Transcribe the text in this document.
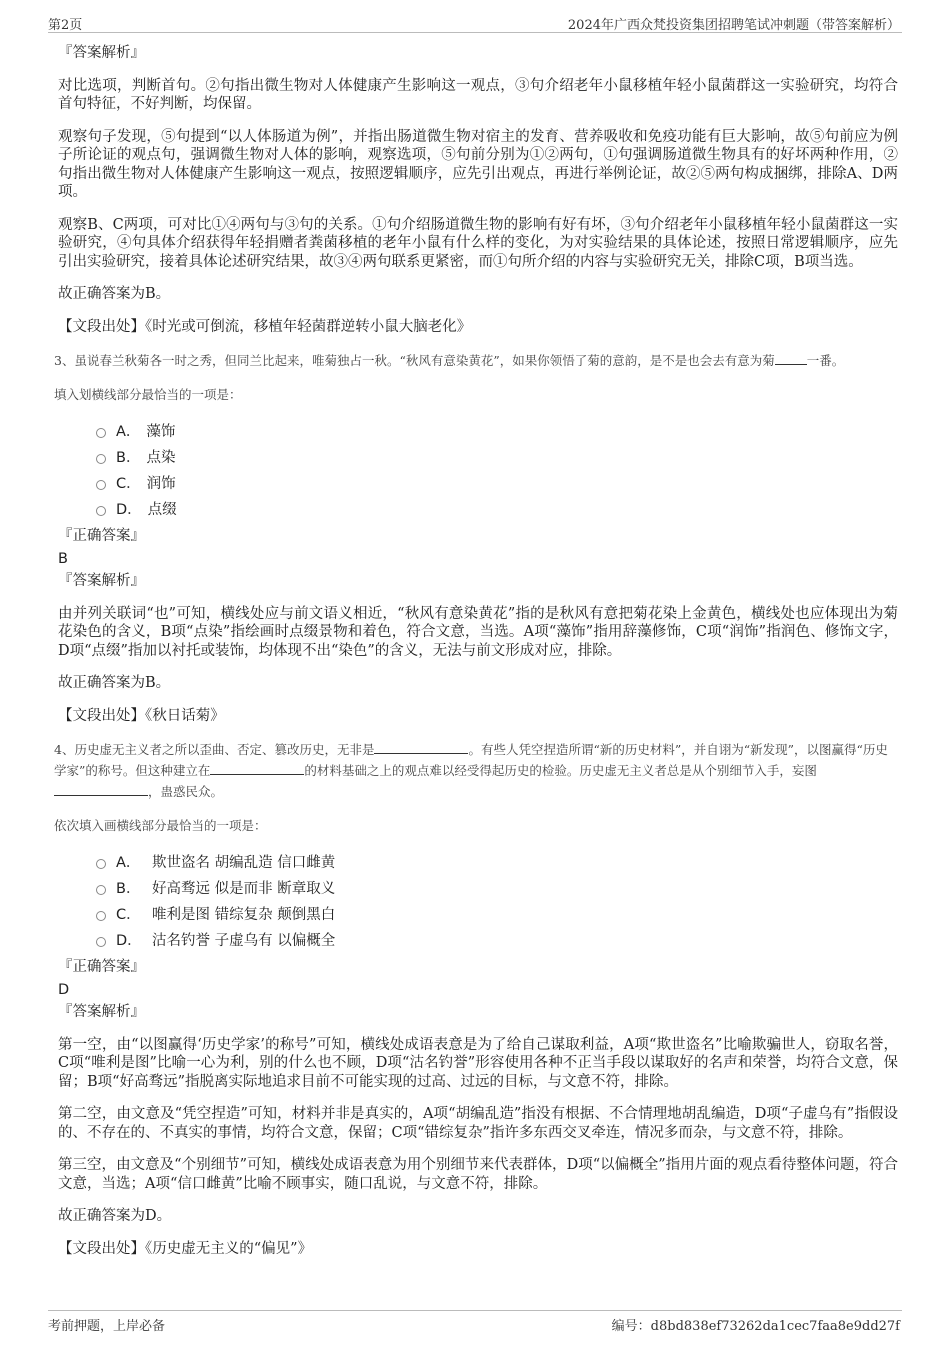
第2页	2024年广西众梵投资集团招聘笔试冲刺题（带答案解析）
『答案解析』

对比选项，判断首句。②句指出微生物对人体健康产生影响这一观点，③句介绍老年小鼠移植年轻小鼠菌群这一实验研究，均符合首句特征，不好判断，均保留。

观察句子发现，⑤句提到“以人体肠道为例”，并指出肠道微生物对宿主的发育、营养吸收和免疫功能有巨大影响，故⑤句前应为例子所论证的观点句，强调微生物对人体的影响，观察选项，⑤句前分别为①②两句，①句强调肠道微生物具有的好坏两种作用，②句指出微生物对人体健康产生影响这一观点，按照逻辑顺序，应先引出观点，再进行举例论证，故②⑤两句构成捆绑，排除A、D两项。

观察B、C两项，可对比①④两句与③句的关系。①句介绍肠道微生物的影响有好有坏，③句介绍老年小鼠移植年轻小鼠菌群这一实验研究，④句具体介绍获得年轻捐赠者粪菌移植的老年小鼠有什么样的变化，为对实验结果的具体论述，按照日常逻辑顺序，应先引出实验研究，接着具体论述研究结果，故③④两句联系更紧密，而①句所介绍的内容与实验研究无关，排除C项，B项当选。

故正确答案为B。

【文段出处】《时光或可倒流，移植年轻菌群逆转小鼠大脑老化》

3、虽说春兰秋菊各一时之秀，但同兰比起来，唯菊独占一秋。“秋风有意染黄花”，如果你领悟了菊的意韵，是不是也会去有意为菊	一番。
填入划横线部分最恰当的一项是：
A． 藻饰
B． 点染
C． 润饰
D． 点缀
『正确答案』
B
『答案解析』

由并列关联词“也”可知，横线处应与前文语义相近，“秋风有意染黄花”指的是秋风有意把菊花染上金黄色，横线处也应体现出为菊花染色的含义，B项“点染”指绘画时点缀景物和着色，符合文意，当选。A项“藻饰”指用辞藻修饰，C项“润饰”指润色、修饰文字，D项“点缀”指加以衬托或装饰，均体现不出“染色”的含义，无法与前文形成对应，排除。

故正确答案为B。

【文段出处】《秋日话菊》

4、历史虚无主义者之所以歪曲、否定、篡改历史，无非是	。有些人凭空捏造所谓“新的历史材料”，并自诩为“新发现”，以图赢得“历史学家”的称号。但这种建立在	的材料基础之上的观点难以经受得起历史的检验。历史虚无主义者总是从个别细节入手，妄图，蛊惑民众。
依次填入画横线部分最恰当的一项是：
A． 欺世盗名 胡编乱造 信口雌黄
B． 好高骛远 似是而非 断章取义
C． 唯利是图 错综复杂 颠倒黑白
D． 沽名钓誉 子虚乌有 以偏概全
『正确答案』
D
『答案解析』

第一空，由“以图赢得‘历史学家’的称号”可知，横线处成语表意是为了给自己谋取利益，A项“欺世盗名”比喻欺骗世人，窃取名誉，C项“唯利是图”比喻一心为利，别的什么也不顾，D项“沽名钓誉”形容使用各种不正当手段以谋取好的名声和荣誉，均符合文意，保留；B项“好高骛远”指脱离实际地追求目前不可能实现的过高、过远的目标，与文意不符，排除。

第二空，由文意及“凭空捏造”可知，材料并非是真实的，A项“胡编乱造”指没有根据、不合情理地胡乱编造，D项“子虚乌有”指假设的、不存在的、不真实的事情，均符合文意，保留；C项“错综复杂”指许多东西交叉牵连，情况多而杂，与文意不符，排除。

第三空，由文意及“个别细节”可知，横线处成语表意为用个别细节来代表群体，D项“以偏概全”指用片面的观点看待整体问题，符合文意，当选；A项“信口雌黄”比喻不顾事实，随口乱说，与文意不符，排除。

故正确答案为D。

【文段出处】《历史虚无主义的“偏见”》

考前押题，上岸必备	编号：d8bd838ef73262da1cec7faa8e9dd27f
